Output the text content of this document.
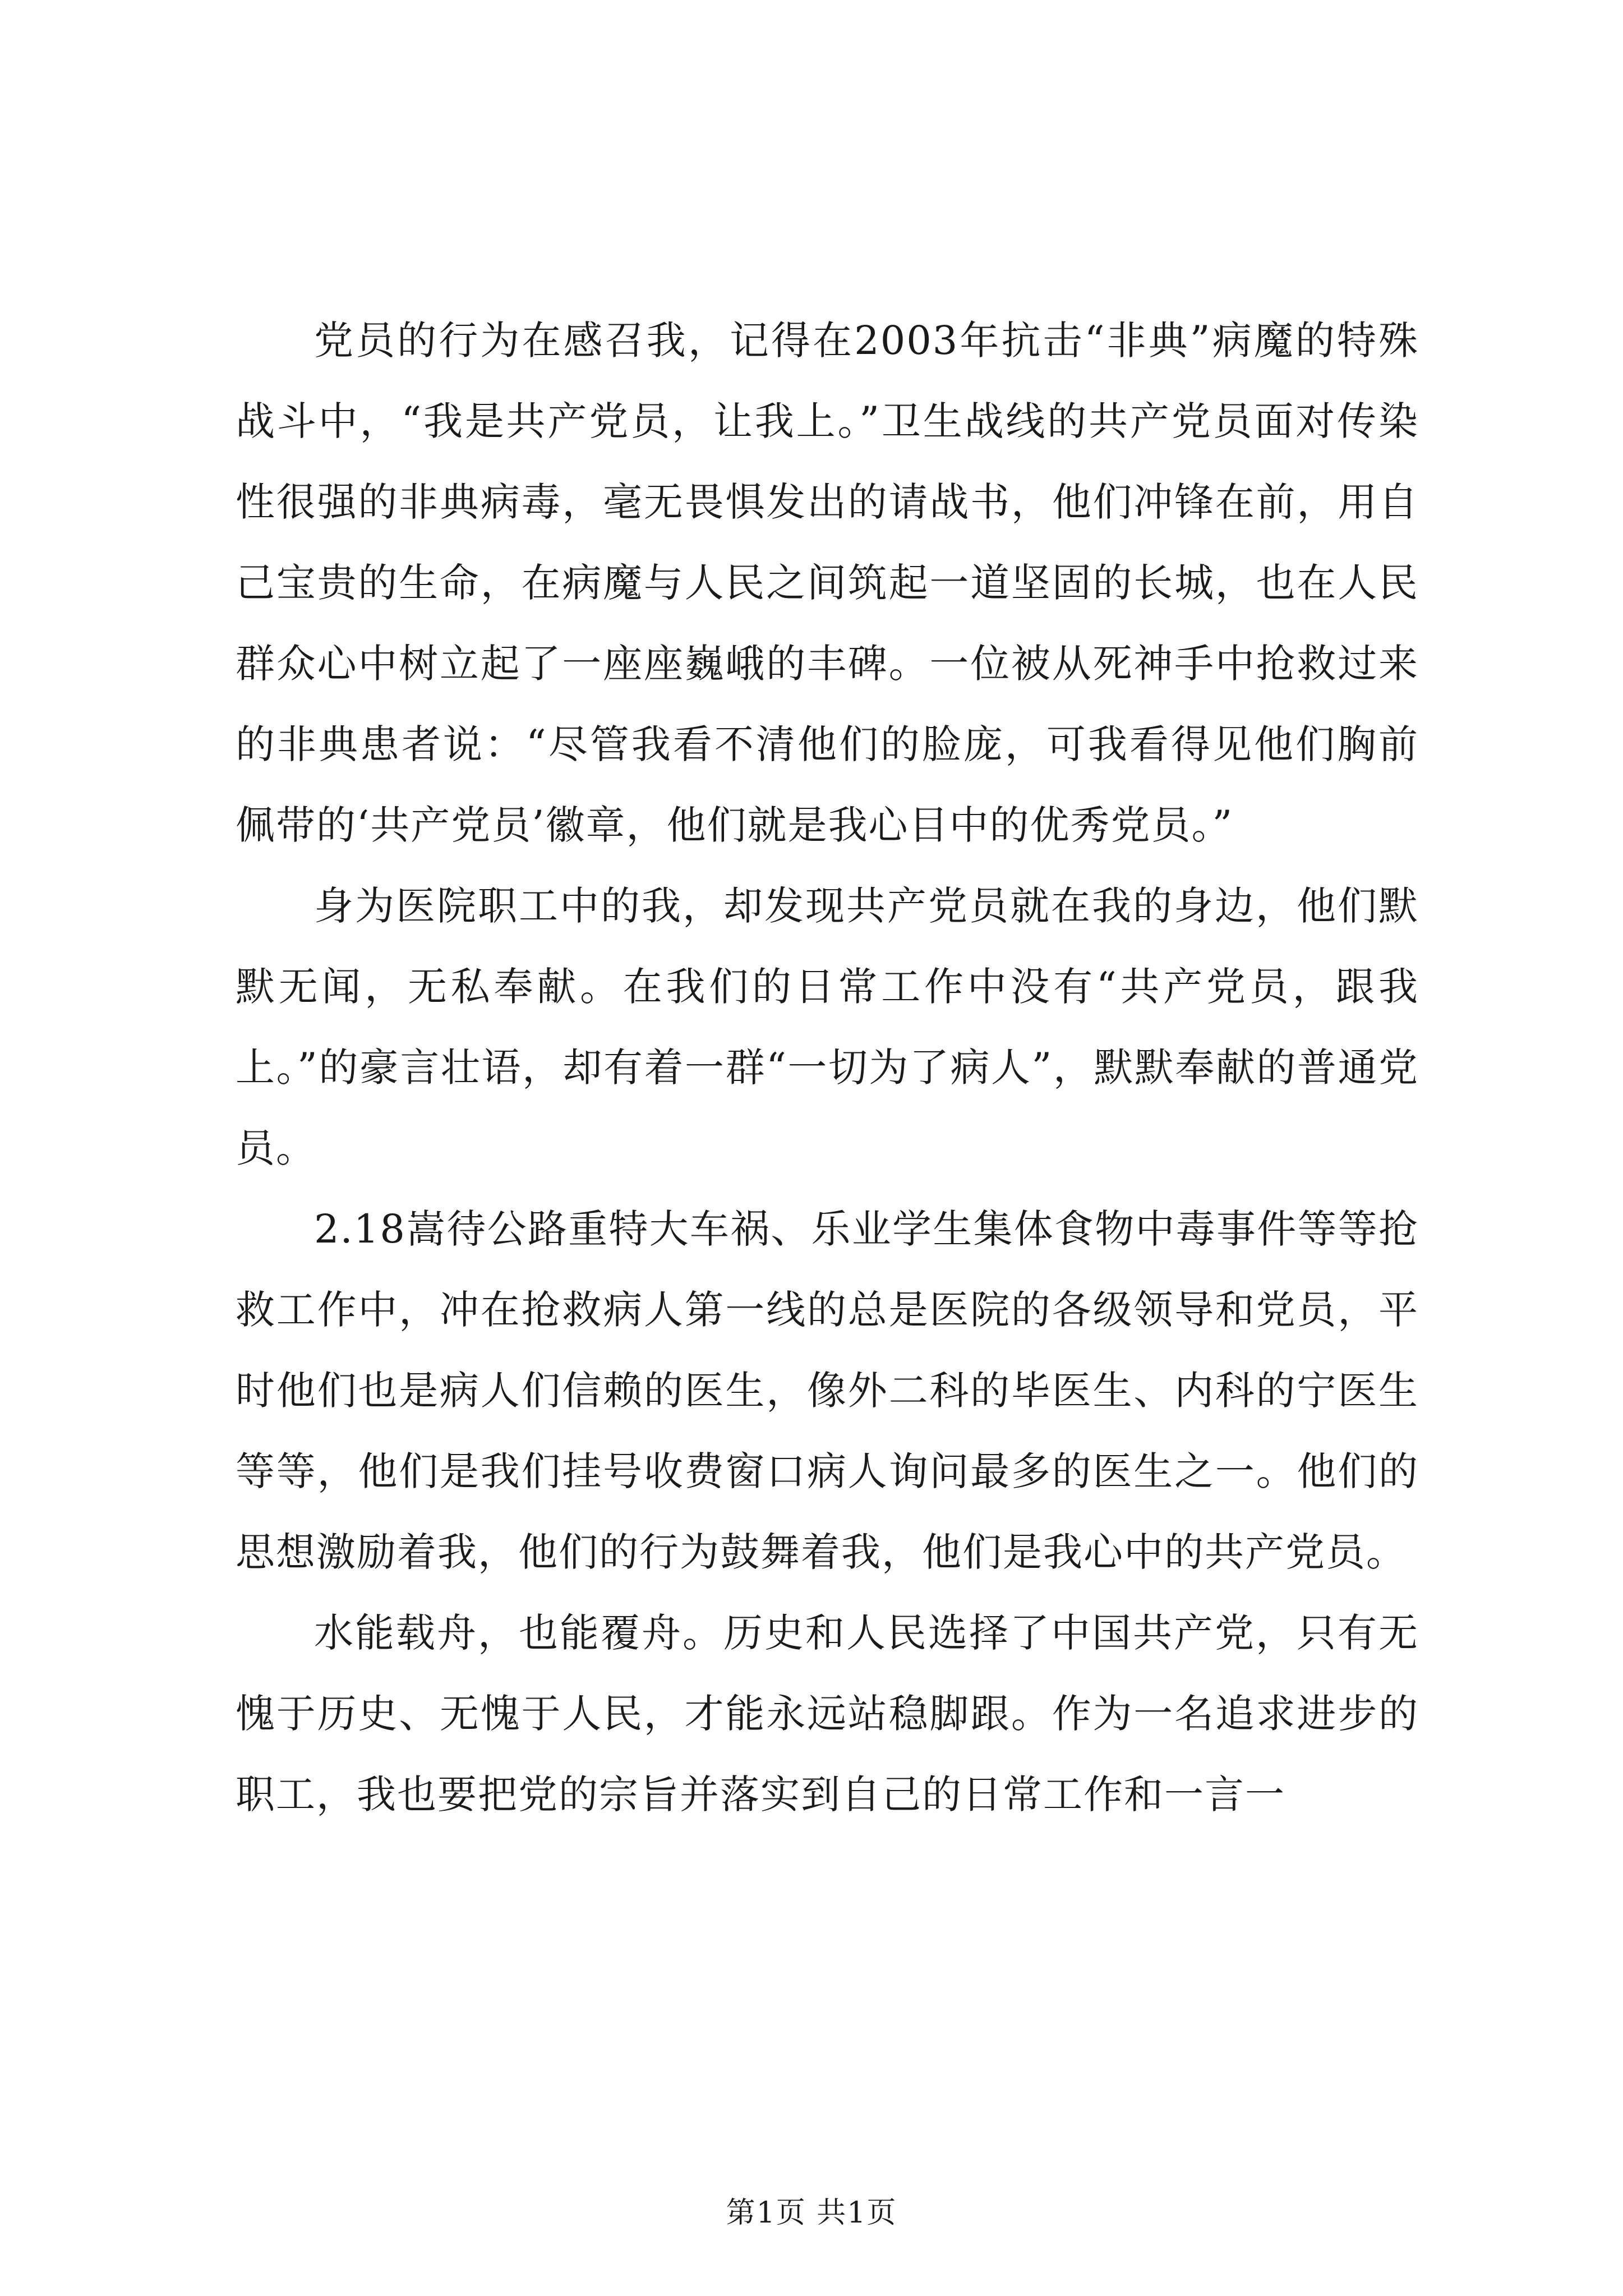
党员的行为在感召我，记得在2003年抗击“非典”病魔的特殊战斗中，“我是共产党员，让我上。”卫生战线的共产党员面对传染性很强的非典病毒，毫无畏惧发出的请战书，他们冲锋在前，用自己宝贵的生命，在病魔与人民之间筑起一道坚固的长城，也在人民群众心中树立起了一座座巍峨的丰碑。一位被从死神手中抢救过来的非典患者说：“尽管我看不清他们的脸庞，可我看得见他们胸前佩带的‘共产党员’徽章，他们就是我心目中的优秀党员。”

身为医院职工中的我，却发现共产党员就在我的身边，他们默默无闻，无私奉献。在我们的日常工作中没有“共产党员，跟我上。”的豪言壮语，却有着一群“一切为了病人”，默默奉献的普通党员。

2.18嵩待公路重特大车祸、乐业学生集体食物中毒事件等等抢救工作中，冲在抢救病人第一线的总是医院的各级领导和党员，平时他们也是病人们信赖的医生，像外二科的毕医生、内科的宁医生等等，他们是我们挂号收费窗口病人询问最多的医生之一。他们的思想激励着我，他们的行为鼓舞着我，他们是我心中的共产党员。

水能载舟，也能覆舟。历史和人民选择了中国共产党，只有无愧于历史、无愧于人民，才能永远站稳脚跟。作为一名追求进步的职工，我也要把党的宗旨并落实到自己的日常工作和一言一

第1页 共1页
